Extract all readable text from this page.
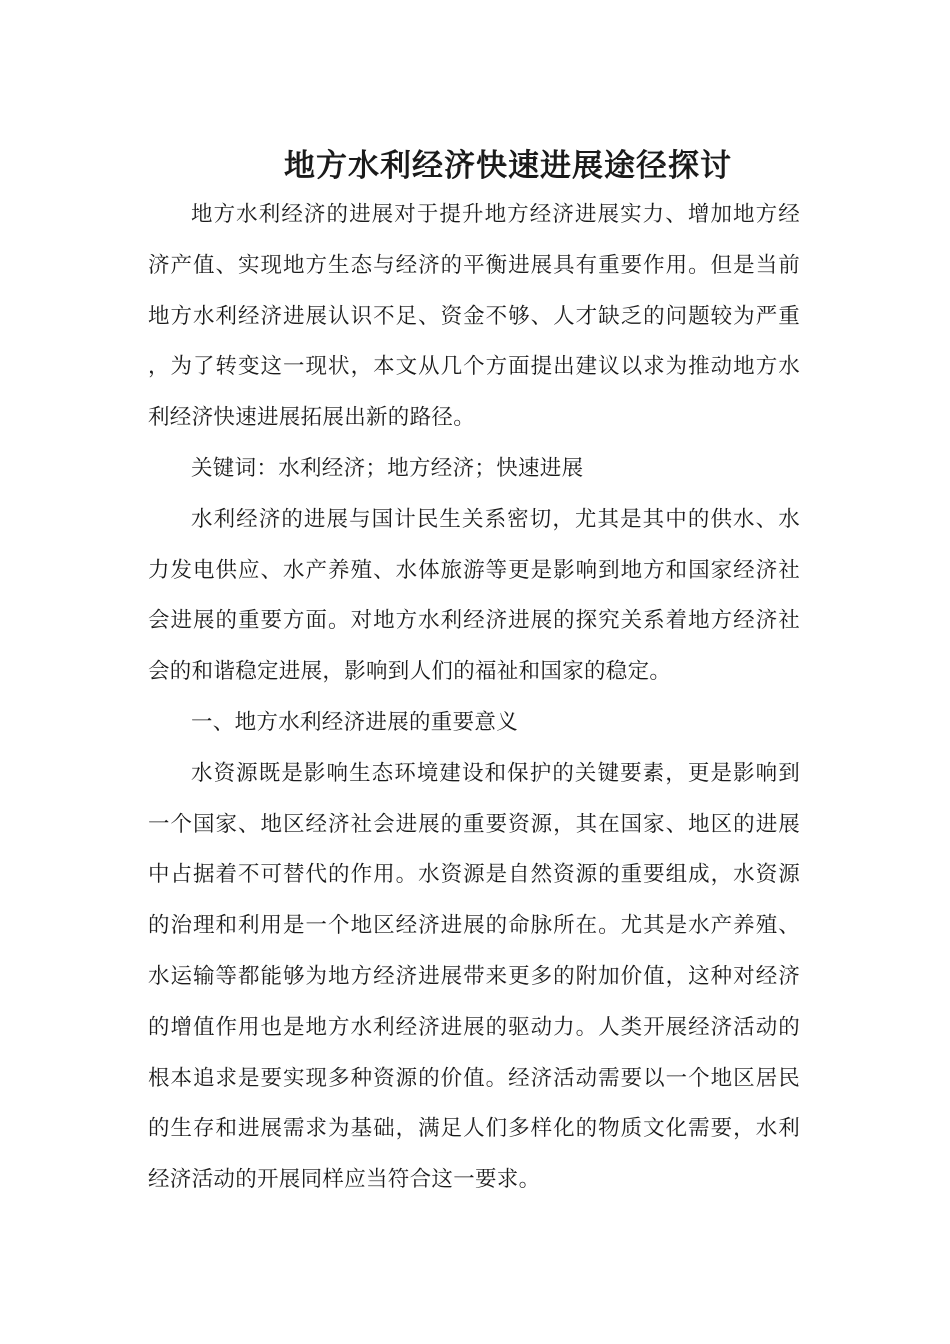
地方水利经济快速进展途径探讨

地方水利经济的进展对于提升地方经济进展实力、增加地方经济产值、实现地方生态与经济的平衡进展具有重要作用。但是当前地方水利经济进展认识不足、资金不够、人才缺乏的问题较为严重，为了转变这一现状，本文从几个方面提出建议以求为推动地方水利经济快速进展拓展出新的路径。

关键词：水利经济；地方经济；快速进展

水利经济的进展与国计民生关系密切，尤其是其中的供水、水力发电供应、水产养殖、水体旅游等更是影响到地方和国家经济社会进展的重要方面。对地方水利经济进展的探究关系着地方经济社会的和谐稳定进展，影响到人们的福祉和国家的稳定。

一、地方水利经济进展的重要意义

水资源既是影响生态环境建设和保护的关键要素，更是影响到一个国家、地区经济社会进展的重要资源，其在国家、地区的进展中占据着不可替代的作用。水资源是自然资源的重要组成，水资源的治理和利用是一个地区经济进展的命脉所在。尤其是水产养殖、水运输等都能够为地方经济进展带来更多的附加价值，这种对经济的增值作用也是地方水利经济进展的驱动力。人类开展经济活动的根本追求是要实现多种资源的价值。经济活动需要以一个地区居民的生存和进展需求为基础，满足人们多样化的物质文化需要，水利经济活动的开展同样应当符合这一要求。
